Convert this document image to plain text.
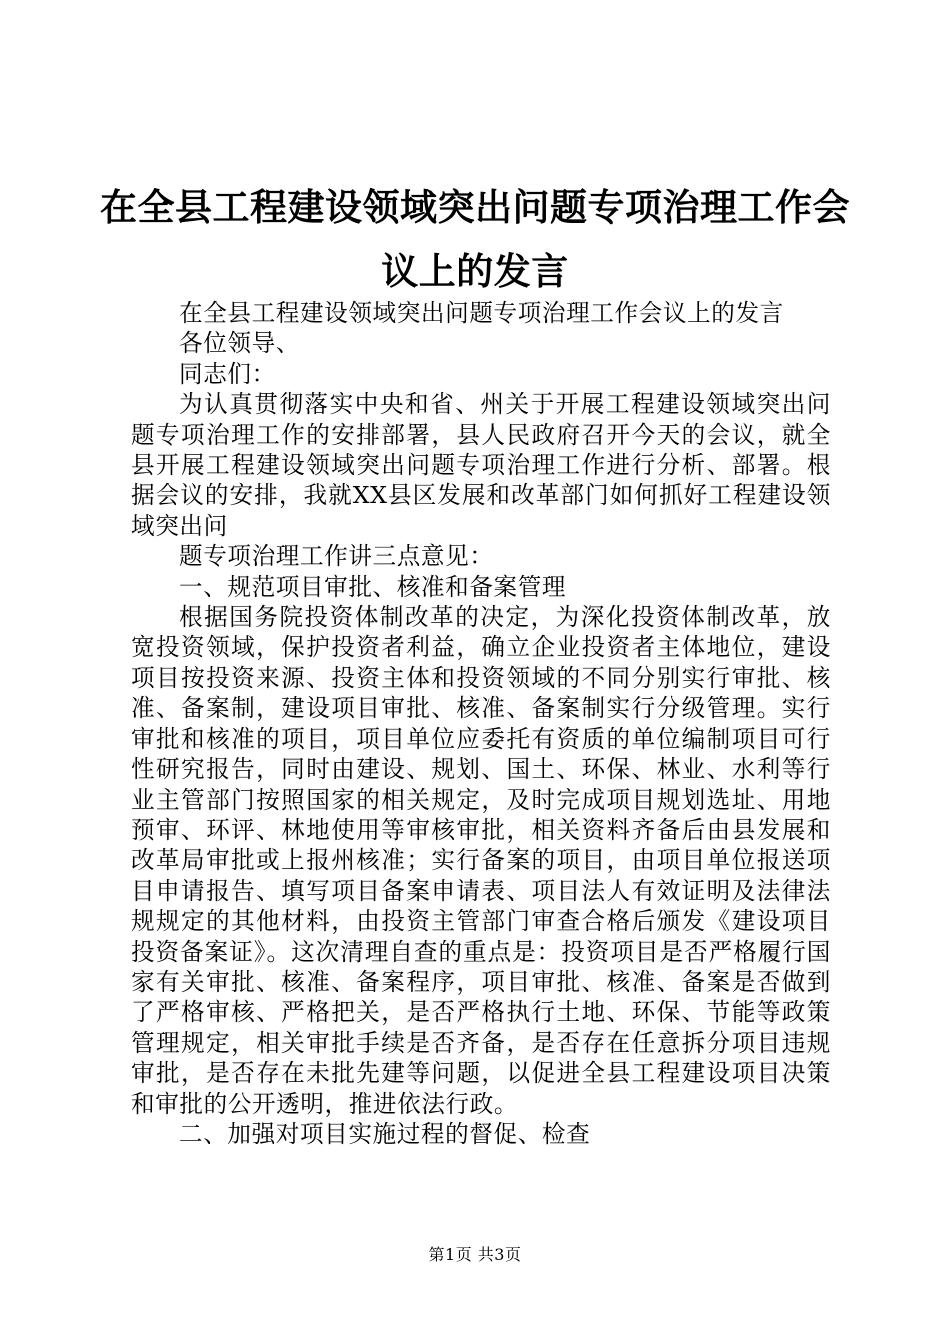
在全县工程建设领域突出问题专项治理工作会议上的发言

在全县工程建设领域突出问题专项治理工作会议上的发言

各位领导、

同志们：

为认真贯彻落实中央和省、州关于开展工程建设领域突出问题专项治理工作的安排部署，县人民政府召开今天的会议，就全县开展工程建设领域突出问题专项治理工作进行分析、部署。根据会议的安排，我就XX县区发展和改革部门如何抓好工程建设领域突出问

题专项治理工作讲三点意见：

一、规范项目审批、核准和备案管理

根据国务院投资体制改革的决定，为深化投资体制改革，放宽投资领域，保护投资者利益，确立企业投资者主体地位，建设项目按投资来源、投资主体和投资领域的不同分别实行审批、核准、备案制，建设项目审批、核准、备案制实行分级管理。实行审批和核准的项目，项目单位应委托有资质的单位编制项目可行性研究报告，同时由建设、规划、国土、环保、林业、水利等行业主管部门按照国家的相关规定，及时完成项目规划选址、用地预审、环评、林地使用等审核审批，相关资料齐备后由县发展和改革局审批或上报州核准；实行备案的项目，由项目单位报送项目申请报告、填写项目备案申请表、项目法人有效证明及法律法规规定的其他材料，由投资主管部门审查合格后颁发《建设项目投资备案证》。这次清理自查的重点是：投资项目是否严格履行国家有关审批、核准、备案程序，项目审批、核准、备案是否做到了严格审核、严格把关，是否严格执行土地、环保、节能等政策管理规定，相关审批手续是否齐备，是否存在任意拆分项目违规审批，是否存在未批先建等问题，以促进全县工程建设项目决策和审批的公开透明，推进依法行政。

二、加强对项目实施过程的督促、检查

第1页 共3页
